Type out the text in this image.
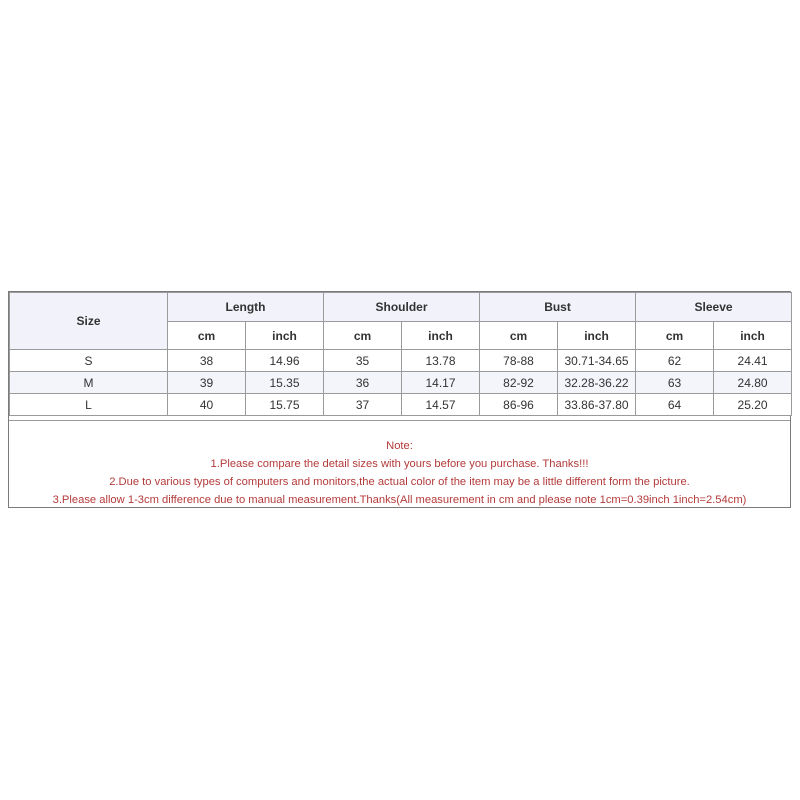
Size	Length		Shoulder		Bust		Sleeve	
	cm	inch	cm	inch	cm	inch	cm	inch
S	38	14.96	35	13.78	78-88	30.71-34.65	62	24.41
M	39	15.35	36	14.17	82-92	32.28-36.22	63	24.80
L	40	15.75	37	14.57	86-96	33.86-37.80	64	25.20
Note:
1.Please compare the detail sizes with yours before you purchase. Thanks!!!
2.Due to various types of computers and monitors,the actual color of the item may be a little different form the picture.
3.Please allow 1-3cm difference due to manual measurement.Thanks(All measurement in cm and please note 1cm=0.39inch 1inch=2.54cm)
